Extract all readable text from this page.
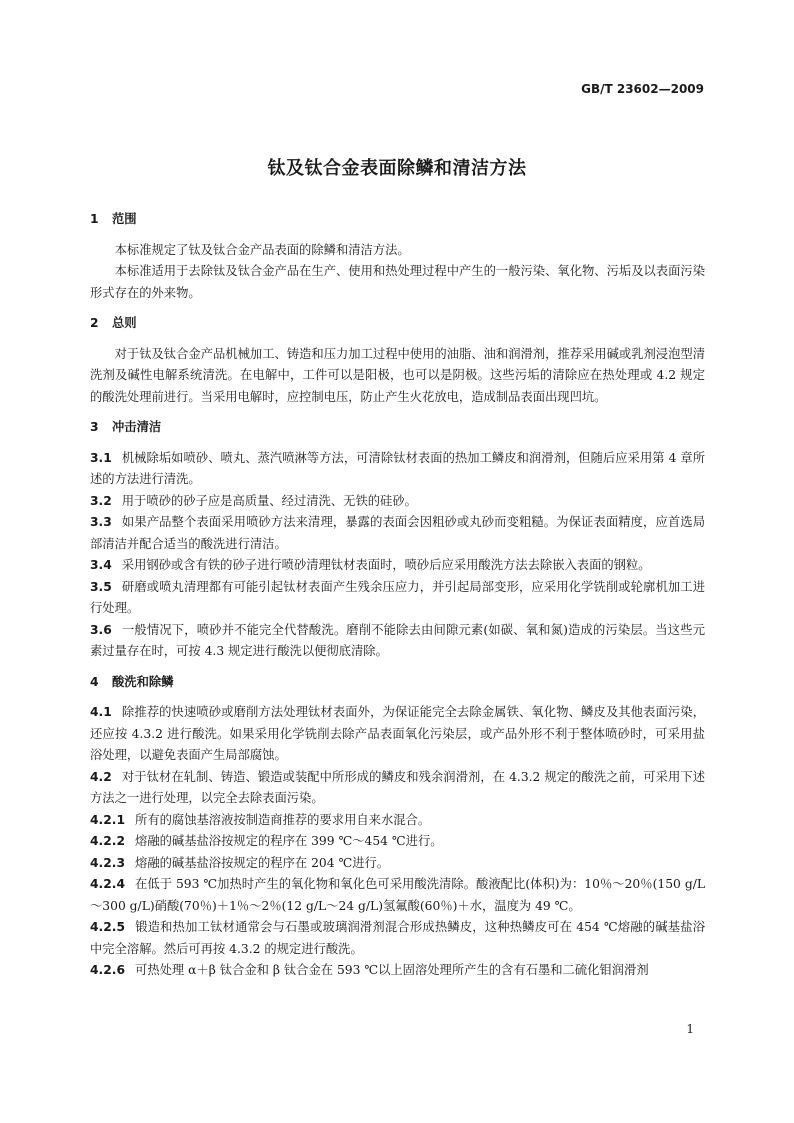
GB/T 23602—2009
钛及钛合金表面除鳞和清洁方法
1 范围

本标准规定了钛及钛合金产品表面的除鳞和清洁方法。

本标准适用于去除钛及钛合金产品在生产、使用和热处理过程中产生的一般污染、氧化物、污垢及以表面污染形式存在的外来物。

2 总则

对于钛及钛合金产品机械加工、铸造和压力加工过程中使用的油脂、油和润滑剂，推荐采用碱或乳剂浸泡型清洗剂及碱性电解系统清洗。在电解中，工件可以是阳极，也可以是阴极。这些污垢的清除应在热处理或 4.2 规定的酸洗处理前进行。当采用电解时，应控制电压，防止产生火花放电，造成制品表面出现凹坑。

3 冲击清洁

3.1 机械除垢如喷砂、喷丸、蒸汽喷淋等方法，可清除钛材表面的热加工鳞皮和润滑剂，但随后应采用第 4 章所述的方法进行清洗。

3.2 用于喷砂的砂子应是高质量、经过清洗、无铁的硅砂。

3.3 如果产品整个表面采用喷砂方法来清理，暴露的表面会因粗砂或丸砂而变粗糙。为保证表面精度，应首选局部清洁并配合适当的酸洗进行清洁。

3.4 采用钢砂或含有铁的砂子进行喷砂清理钛材表面时，喷砂后应采用酸洗方法去除嵌入表面的钢粒。

3.5 研磨或喷丸清理都有可能引起钛材表面产生残余压应力，并引起局部变形，应采用化学铣削或轮廓机加工进行处理。

3.6 一般情况下，喷砂并不能完全代替酸洗。磨削不能除去由间隙元素(如碳、氧和氮)造成的污染层。当这些元素过量存在时，可按 4.3 规定进行酸洗以便彻底清除。

4 酸洗和除鳞

4.1 除推荐的快速喷砂或磨削方法处理钛材表面外，为保证能完全去除金属铁、氧化物、鳞皮及其他表面污染，还应按 4.3.2 进行酸洗。如果采用化学铣削去除产品表面氧化污染层，或产品外形不利于整体喷砂时，可采用盐浴处理，以避免表面产生局部腐蚀。

4.2 对于钛材在轧制、铸造、锻造或装配中所形成的鳞皮和残余润滑剂，在 4.3.2 规定的酸洗之前，可采用下述方法之一进行处理，以完全去除表面污染。

4.2.1 所有的腐蚀基溶液按制造商推荐的要求用自来水混合。

4.2.2 熔融的碱基盐浴按规定的程序在 399 ℃～454 ℃进行。

4.2.3 熔融的碱基盐浴按规定的程序在 204 ℃进行。

4.2.4 在低于 593 ℃加热时产生的氧化物和氧化色可采用酸洗清除。酸液配比(体积)为：10％～20％(150 g/L～300 g/L)硝酸(70％)＋1％～2％(12 g/L～24 g/L)氢氟酸(60％)＋水，温度为 49 ℃。

4.2.5 锻造和热加工钛材通常会与石墨或玻璃润滑剂混合形成热鳞皮，这种热鳞皮可在 454 ℃熔融的碱基盐浴中完全溶解。然后可再按 4.3.2 的规定进行酸洗。

4.2.6 可热处理 α＋β 钛合金和 β 钛合金在 593 ℃以上固溶处理所产生的含有石墨和二硫化钼润滑剂

1
